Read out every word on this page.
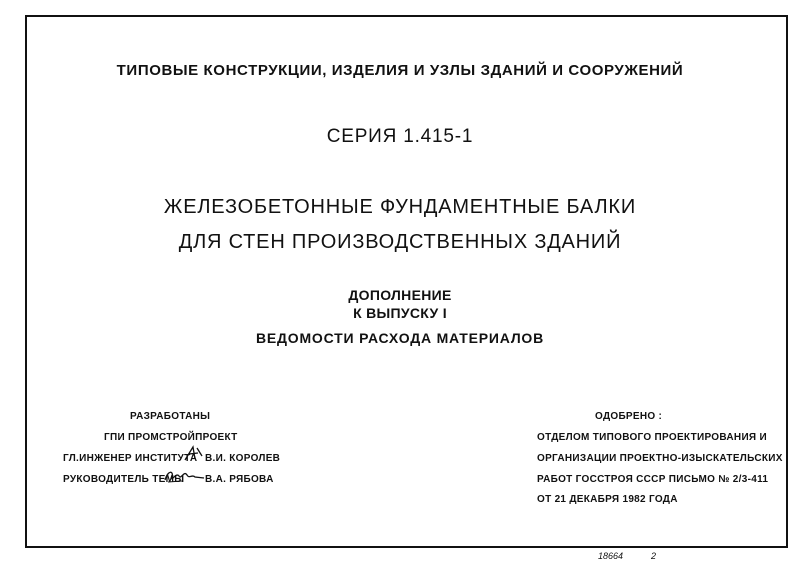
ТИПОВЫЕ КОНСТРУКЦИИ, ИЗДЕЛИЯ И УЗЛЫ ЗДАНИЙ И СООРУЖЕНИЙ
СЕРИЯ 1.415-1
ЖЕЛЕЗОБЕТОННЫЕ ФУНДАМЕНТНЫЕ БАЛКИ
ДЛЯ СТЕН ПРОИЗВОДСТВЕННЫХ ЗДАНИЙ
ДОПОЛНЕНИЕ
К ВЫПУСКУ I
ВЕДОМОСТИ РАСХОДА МАТЕРИАЛОВ
РАЗРАБОТАНЫ
ГПИ ПРОМСТРОЙПРОЕКТ
ГЛ.ИНЖЕНЕР ИНСТИТУТА В.И. КОРОЛЕВ
РУКОВОДИТЕЛЬ ТЕМЫ В.А. РЯБОВА
ОДОБРЕНО :
ОТДЕЛОМ ТИПОВОГО ПРОЕКТИРОВАНИЯ И
ОРГАНИЗАЦИИ ПРОЕКТНО-ИЗЫСКАТЕЛЬСКИХ
РАБОТ ГОССТРОЯ СССР ПИСЬМО № 2/3-411
ОТ 21 ДЕКАБРЯ 1982 ГОДА
18664	2
